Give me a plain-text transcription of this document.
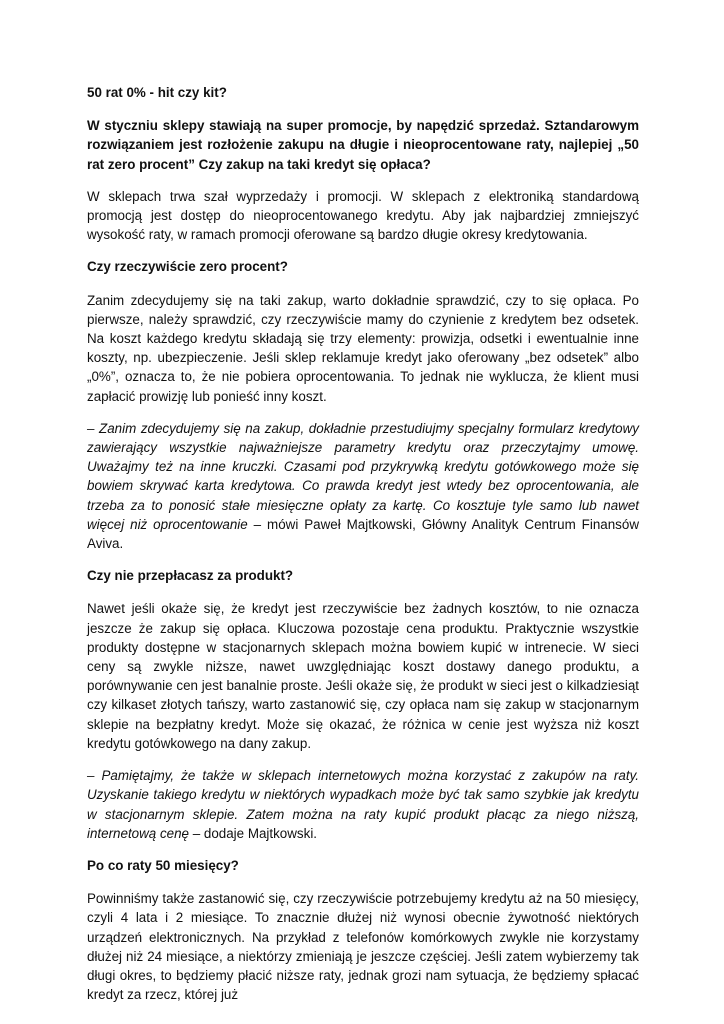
50 rat 0% - hit czy kit?

W styczniu sklepy stawiają na super promocje, by napędzić sprzedaż. Sztandarowym rozwiązaniem jest rozłożenie zakupu na długie i nieoprocentowane raty, najlepiej „50 rat zero procent” Czy zakup na taki kredyt się opłaca?

W sklepach trwa szał wyprzedaży i promocji. W sklepach z elektroniką standardową promocją jest dostęp do nieoprocentowanego kredytu. Aby jak najbardziej zmniejszyć wysokość raty, w ramach promocji oferowane są bardzo długie okresy kredytowania.

Czy rzeczywiście zero procent?

Zanim zdecydujemy się na taki zakup, warto dokładnie sprawdzić, czy to się opłaca. Po pierwsze, należy sprawdzić, czy rzeczywiście mamy do czynienie z kredytem bez odsetek. Na koszt każdego kredytu składają się trzy elementy: prowizja, odsetki i ewentualnie inne koszty, np. ubezpieczenie. Jeśli sklep reklamuje kredyt jako oferowany „bez odsetek” albo „0%”, oznacza to, że nie pobiera oprocentowania. To jednak nie wyklucza, że klient musi zapłacić prowizję lub ponieść inny koszt.

– Zanim zdecydujemy się na zakup, dokładnie przestudiujmy specjalny formularz kredytowy zawierający wszystkie najważniejsze parametry kredytu oraz przeczytajmy umowę. Uważajmy też na inne kruczki. Czasami pod przykrywką kredytu gotówkowego może się bowiem skrywać karta kredytowa. Co prawda kredyt jest wtedy bez oprocentowania, ale trzeba za to ponosić stałe miesięczne opłaty za kartę. Co kosztuje tyle samo lub nawet więcej niż oprocentowanie – mówi Paweł Majtkowski, Główny Analityk Centrum Finansów Aviva.

Czy nie przepłacasz za produkt?

Nawet jeśli okaże się, że kredyt jest rzeczywiście bez żadnych kosztów, to nie oznacza jeszcze że zakup się opłaca. Kluczowa pozostaje cena produktu. Praktycznie wszystkie produkty dostępne w stacjonarnych sklepach można bowiem kupić w intrenecie. W sieci ceny są zwykle niższe, nawet uwzględniając koszt dostawy danego produktu, a porównywanie cen jest banalnie proste. Jeśli okaże się, że produkt w sieci jest o kilkadziesiąt czy kilkaset złotych tańszy, warto zastanowić się, czy opłaca nam się zakup w stacjonarnym sklepie na bezpłatny kredyt. Może się okazać, że różnica w cenie jest wyższa niż koszt kredytu gotówkowego na dany zakup.

– Pamiętajmy, że także w sklepach internetowych można korzystać z zakupów na raty. Uzyskanie takiego kredytu w niektórych wypadkach może być tak samo szybkie jak kredytu w stacjonarnym sklepie. Zatem można na raty kupić produkt płacąc za niego niższą, internetową cenę – dodaje Majtkowski.

Po co raty 50 miesięcy?

Powinniśmy także zastanowić się, czy rzeczywiście potrzebujemy kredytu aż na 50 miesięcy, czyli 4 lata i 2 miesiące. To znacznie dłużej niż wynosi obecnie żywotność niektórych urządzeń elektronicznych. Na przykład z telefonów komórkowych zwykle nie korzystamy dłużej niż 24 miesiące, a niektórzy zmieniają je jeszcze częściej. Jeśli zatem wybierzemy tak długi okres, to będziemy płacić niższe raty, jednak grozi nam sytuacja, że będziemy spłacać kredyt za rzecz, której już
